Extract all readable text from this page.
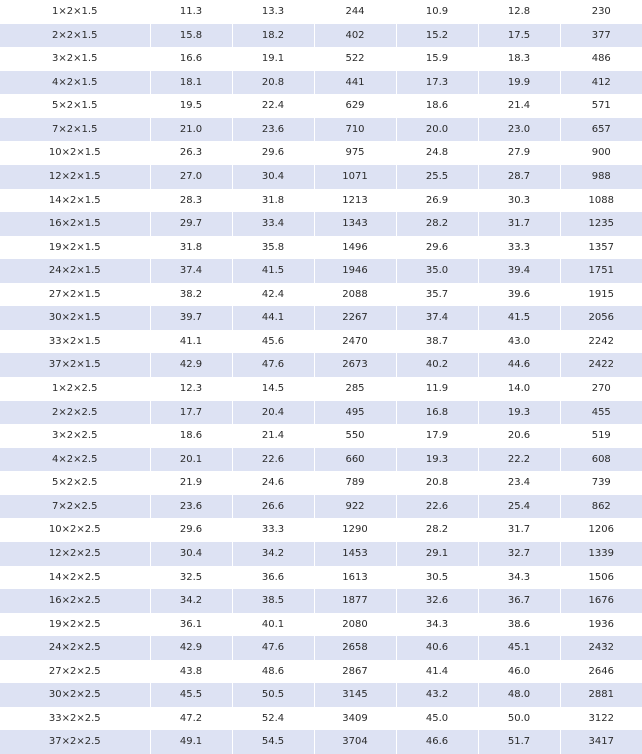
1×2×1.5	11.3	13.3	244	10.9	12.8	230
2×2×1.5	15.8	18.2	402	15.2	17.5	377
3×2×1.5	16.6	19.1	522	15.9	18.3	486
4×2×1.5	18.1	20.8	441	17.3	19.9	412
5×2×1.5	19.5	22.4	629	18.6	21.4	571
7×2×1.5	21.0	23.6	710	20.0	23.0	657
10×2×1.5	26.3	29.6	975	24.8	27.9	900
12×2×1.5	27.0	30.4	1071	25.5	28.7	988
14×2×1.5	28.3	31.8	1213	26.9	30.3	1088
16×2×1.5	29.7	33.4	1343	28.2	31.7	1235
19×2×1.5	31.8	35.8	1496	29.6	33.3	1357
24×2×1.5	37.4	41.5	1946	35.0	39.4	1751
27×2×1.5	38.2	42.4	2088	35.7	39.6	1915
30×2×1.5	39.7	44.1	2267	37.4	41.5	2056
33×2×1.5	41.1	45.6	2470	38.7	43.0	2242
37×2×1.5	42.9	47.6	2673	40.2	44.6	2422
1×2×2.5	12.3	14.5	285	11.9	14.0	270
2×2×2.5	17.7	20.4	495	16.8	19.3	455
3×2×2.5	18.6	21.4	550	17.9	20.6	519
4×2×2.5	20.1	22.6	660	19.3	22.2	608
5×2×2.5	21.9	24.6	789	20.8	23.4	739
7×2×2.5	23.6	26.6	922	22.6	25.4	862
10×2×2.5	29.6	33.3	1290	28.2	31.7	1206
12×2×2.5	30.4	34.2	1453	29.1	32.7	1339
14×2×2.5	32.5	36.6	1613	30.5	34.3	1506
16×2×2.5	34.2	38.5	1877	32.6	36.7	1676
19×2×2.5	36.1	40.1	2080	34.3	38.6	1936
24×2×2.5	42.9	47.6	2658	40.6	45.1	2432
27×2×2.5	43.8	48.6	2867	41.4	46.0	2646
30×2×2.5	45.5	50.5	3145	43.2	48.0	2881
33×2×2.5	47.2	52.4	3409	45.0	50.0	3122
37×2×2.5	49.1	54.5	3704	46.6	51.7	3417
